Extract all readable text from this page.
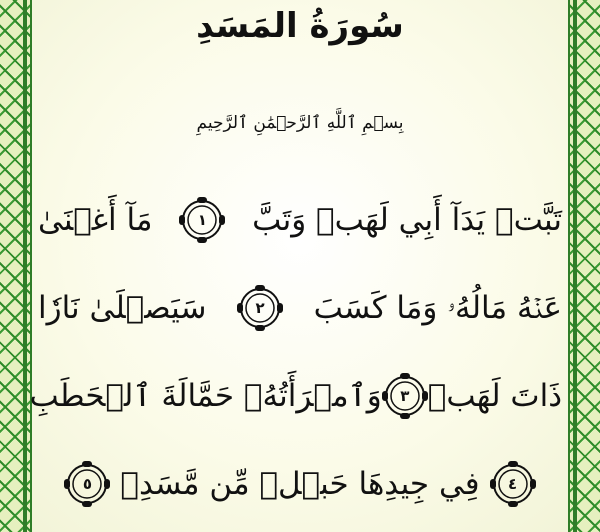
سُورَةُ المَسَدِ
بِسۡمِ ٱللَّهِ ٱلرَّحۡمَٰنِ ٱلرَّحِيمِ
تَبَّتۡ يَدَآ أَبِي لَهَبٖ وَتَبَّ
١
مَآ أَغۡنَىٰ
عَنۡهُ مَالُهُۥ وَمَا كَسَبَ
٢
سَيَصۡلَىٰ نَارٗا
ذَاتَ لَهَبٖ
٣
وَٱمۡرَأَتُهُۥ حَمَّالَةَ ٱلۡحَطَبِ
٤
فِي جِيدِهَا حَبۡلٞ مِّن مَّسَدِۭ
٥
